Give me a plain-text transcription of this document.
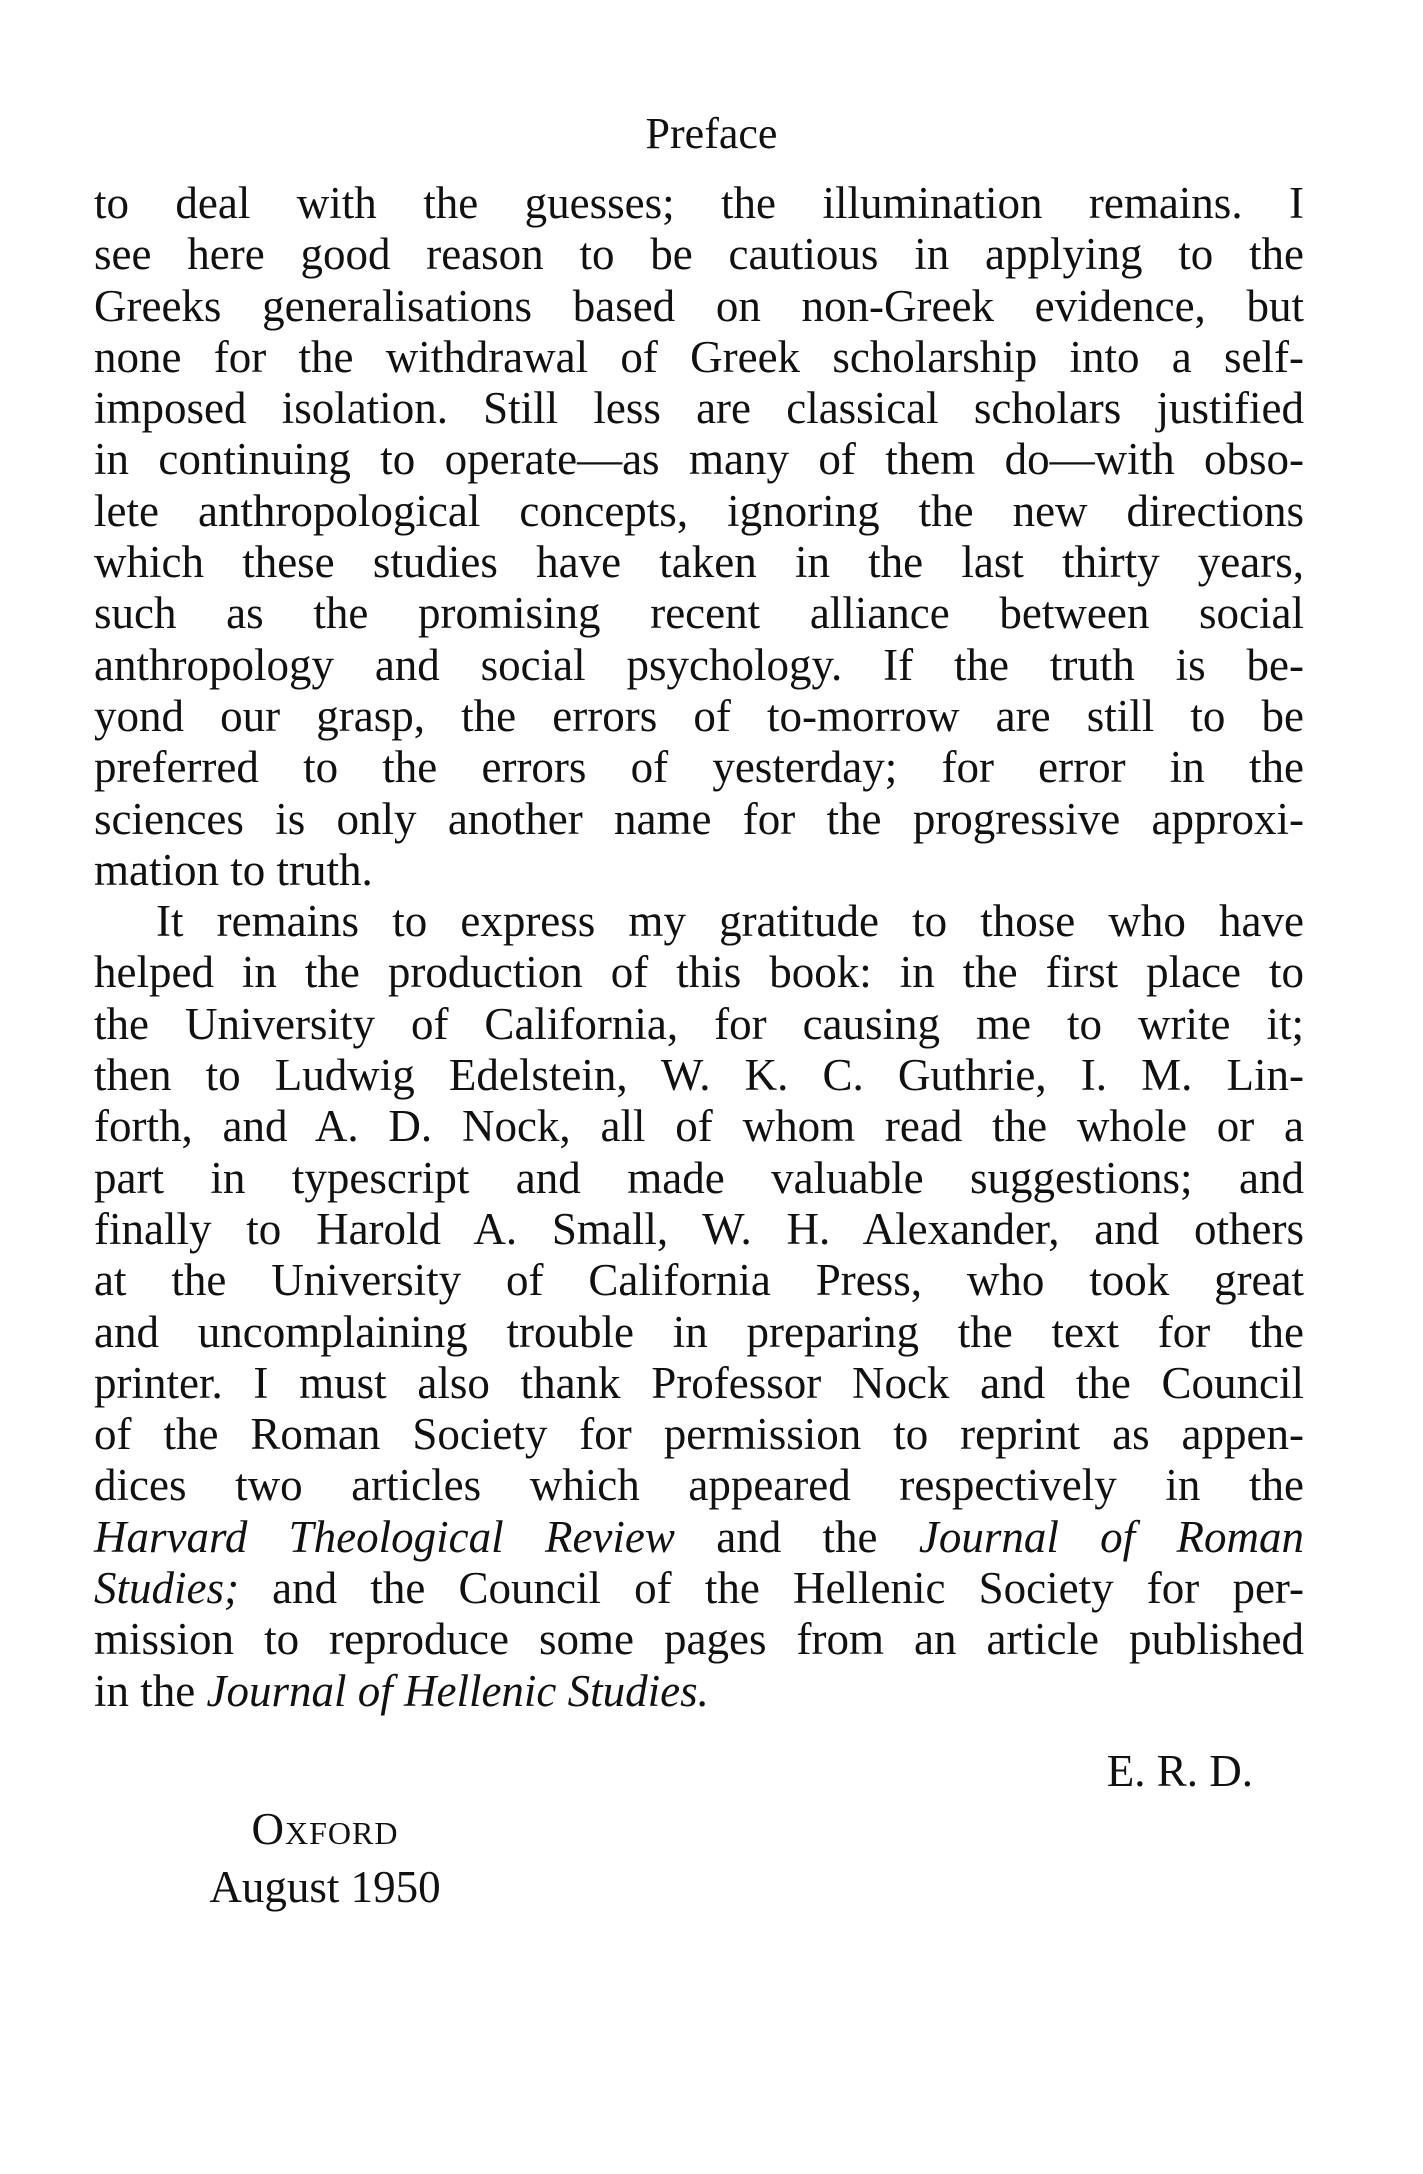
Preface
to deal with the guesses; the illumination remains. I
see here good reason to be cautious in applying to the
Greeks generalisations based on non-Greek evidence, but
none for the withdrawal of Greek scholarship into a self-
imposed isolation. Still less are classical scholars justified
in continuing to operate—as many of them do—with obso-
lete anthropological concepts, ignoring the new directions
which these studies have taken in the last thirty years,
such as the promising recent alliance between social
anthropology and social psychology. If the truth is be-
yond our grasp, the errors of to-morrow are still to be
preferred to the errors of yesterday; for error in the
sciences is only another name for the progressive approxi-
mation to truth.
It remains to express my gratitude to those who have
helped in the production of this book: in the first place to
the University of California, for causing me to write it;
then to Ludwig Edelstein, W. K. C. Guthrie, I. M. Lin-
forth, and A. D. Nock, all of whom read the whole or a
part in typescript and made valuable suggestions; and
finally to Harold A. Small, W. H. Alexander, and others
at the University of California Press, who took great
and uncomplaining trouble in preparing the text for the
printer. I must also thank Professor Nock and the Council
of the Roman Society for permission to reprint as appen-
dices two articles which appeared respectively in the
Harvard Theological Review and the Journal of Roman
Studies; and the Council of the Hellenic Society for per-
mission to reproduce some pages from an article published
in the Journal of Hellenic Studies.
E. R. D.
Oxford
August 1950
